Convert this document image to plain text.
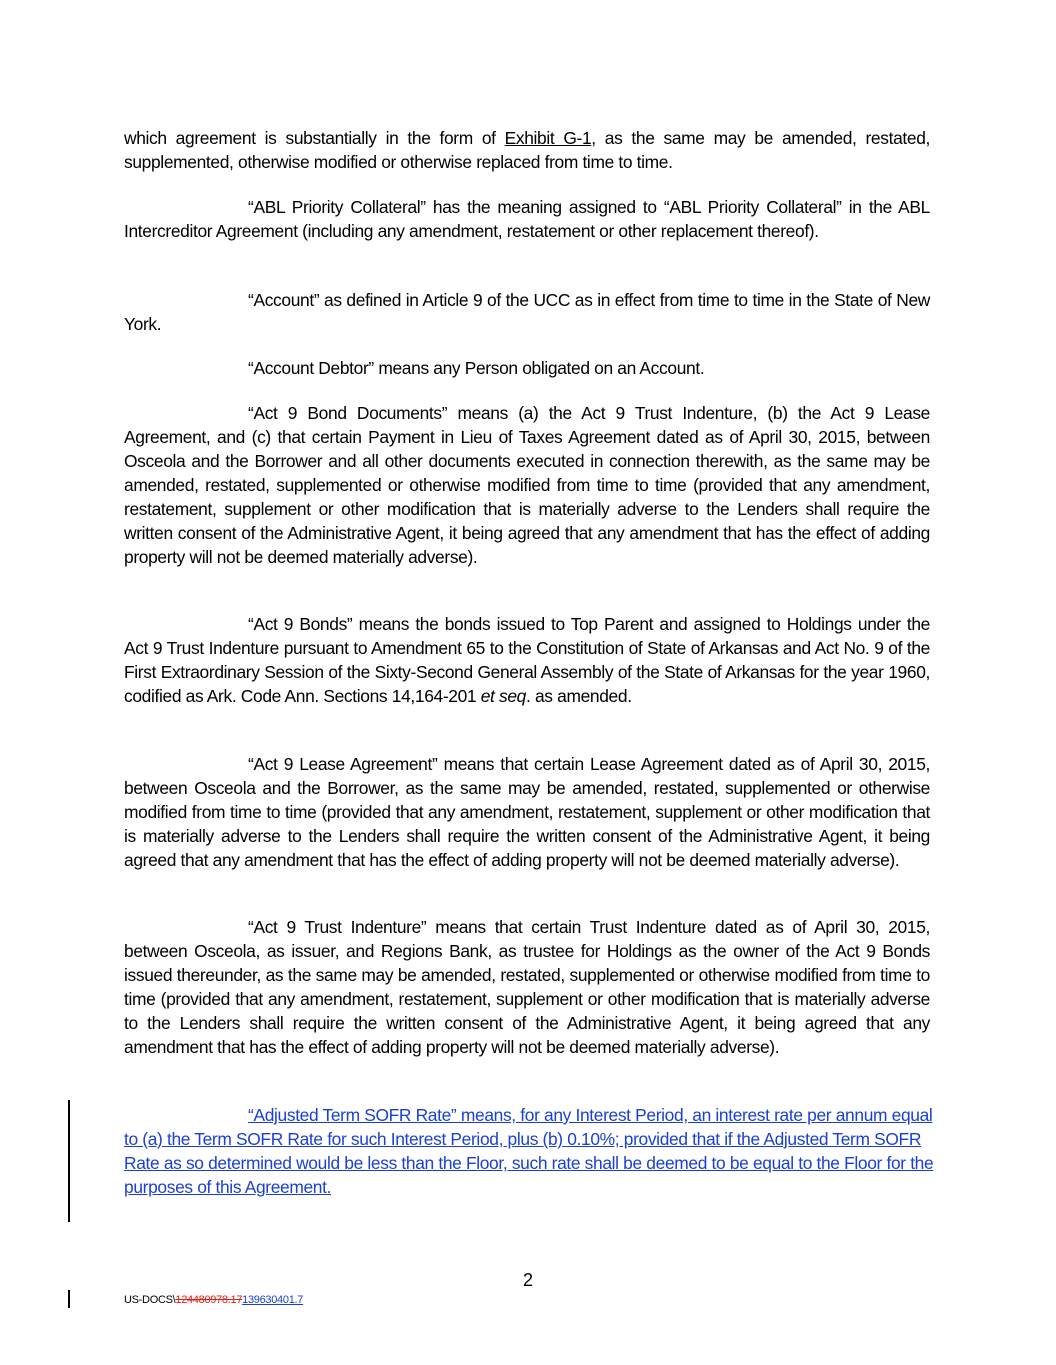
which agreement is substantially in the form of Exhibit G-1, as the same may be amended, restated, supplemented, otherwise modified or otherwise replaced from time to time.

“ABL Priority Collateral” has the meaning assigned to “ABL Priority Collateral” in the ABL Intercreditor Agreement (including any amendment, restatement or other replacement thereof).

“Account” as defined in Article 9 of the UCC as in effect from time to time in the State of New York.

“Account Debtor” means any Person obligated on an Account.

“Act 9 Bond Documents” means (a) the Act 9 Trust Indenture, (b) the Act 9 Lease Agreement, and (c) that certain Payment in Lieu of Taxes Agreement dated as of April 30, 2015, between Osceola and the Borrower and all other documents executed in connection therewith, as the same may be amended, restated, supplemented or otherwise modified from time to time (provided that any amendment, restatement, supplement or other modification that is materially adverse to the Lenders shall require the written consent of the Administrative Agent, it being agreed that any amendment that has the effect of adding property will not be deemed materially adverse).

“Act 9 Bonds” means the bonds issued to Top Parent and assigned to Holdings under the Act 9 Trust Indenture pursuant to Amendment 65 to the Constitution of State of Arkansas and Act No. 9 of the First Extraordinary Session of the Sixty-Second General Assembly of the State of Arkansas for the year 1960, codified as Ark. Code Ann. Sections 14,164-201 et seq. as amended.

“Act 9 Lease Agreement” means that certain Lease Agreement dated as of April 30, 2015, between Osceola and the Borrower, as the same may be amended, restated, supplemented or otherwise modified from time to time (provided that any amendment, restatement, supplement or other modification that is materially adverse to the Lenders shall require the written consent of the Administrative Agent, it being agreed that any amendment that has the effect of adding property will not be deemed materially adverse).

“Act 9 Trust Indenture” means that certain Trust Indenture dated as of April 30, 2015, between Osceola, as issuer, and Regions Bank, as trustee for Holdings as the owner of the Act 9 Bonds issued thereunder, as the same may be amended, restated, supplemented or otherwise modified from time to time (provided that any amendment, restatement, supplement or other modification that is materially adverse to the Lenders shall require the written consent of the Administrative Agent, it being agreed that any amendment that has the effect of adding property will not be deemed materially adverse).

“Adjusted Term SOFR Rate” means, for any Interest Period, an interest rate per annum equal to (a) the Term SOFR Rate for such Interest Period, plus (b) 0.10%; provided that if the Adjusted Term SOFR Rate as so determined would be less than the Floor, such rate shall be deemed to be equal to the Floor for the purposes of this Agreement.

2
US-DOCS\124480978.17139630401.7
